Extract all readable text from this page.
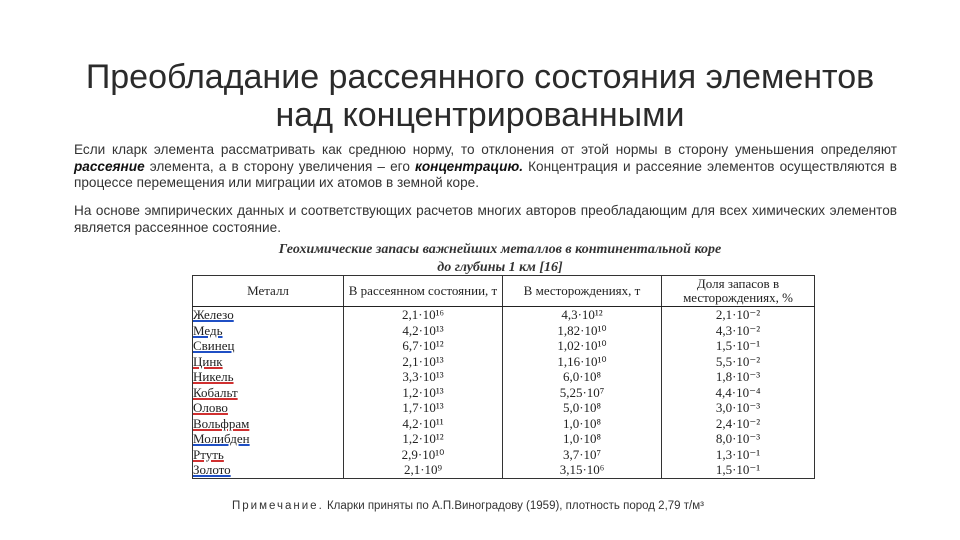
Преобладание рассеянного состояния элементов над концентрированными

Если кларк элемента рассматривать как среднюю норму, то отклонения от этой нормы в сторону уменьшения определяют рассеяние элемента, а в сторону увеличения – его концентрацию. Концентрация и рассеяние элементов осуществляются в процессе перемещения или миграции их атомов в земной коре.

На основе эмпирических данных и соответствующих расчетов многих авторов преобладающим для всех химических элементов является рассеянное состояние.

Геохимические запасы важнейших металлов в континентальной коре
до глубины 1 км [16]
Металл	В рассеянном состоянии, т	В месторождениях, т	Доля запасов в месторождениях, %
Железо	2,1·10¹⁶	4,3·10¹²	2,1·10⁻²
Медь	4,2·10¹³	1,82·10¹⁰	4,3·10⁻²
Свинец	6,7·10¹²	1,02·10¹⁰	1,5·10⁻¹
Цинк	2,1·10¹³	1,16·10¹⁰	5,5·10⁻²
Никель	3,3·10¹³	6,0·10⁸	1,8·10⁻³
Кобальт	1,2·10¹³	5,25·10⁷	4,4·10⁻⁴
Олово	1,7·10¹³	5,0·10⁸	3,0·10⁻³
Вольфрам	4,2·10¹¹	1,0·10⁸	2,4·10⁻²
Молибден	1,2·10¹²	1,0·10⁸	8,0·10⁻³
Ртуть	2,9·10¹⁰	3,7·10⁷	1,3·10⁻¹
Золото	2,1·10⁹	3,15·10⁶	1,5·10⁻¹
Примечание. Кларки приняты по А.П.Виноградову (1959), плотность пород 2,79 т/м³
